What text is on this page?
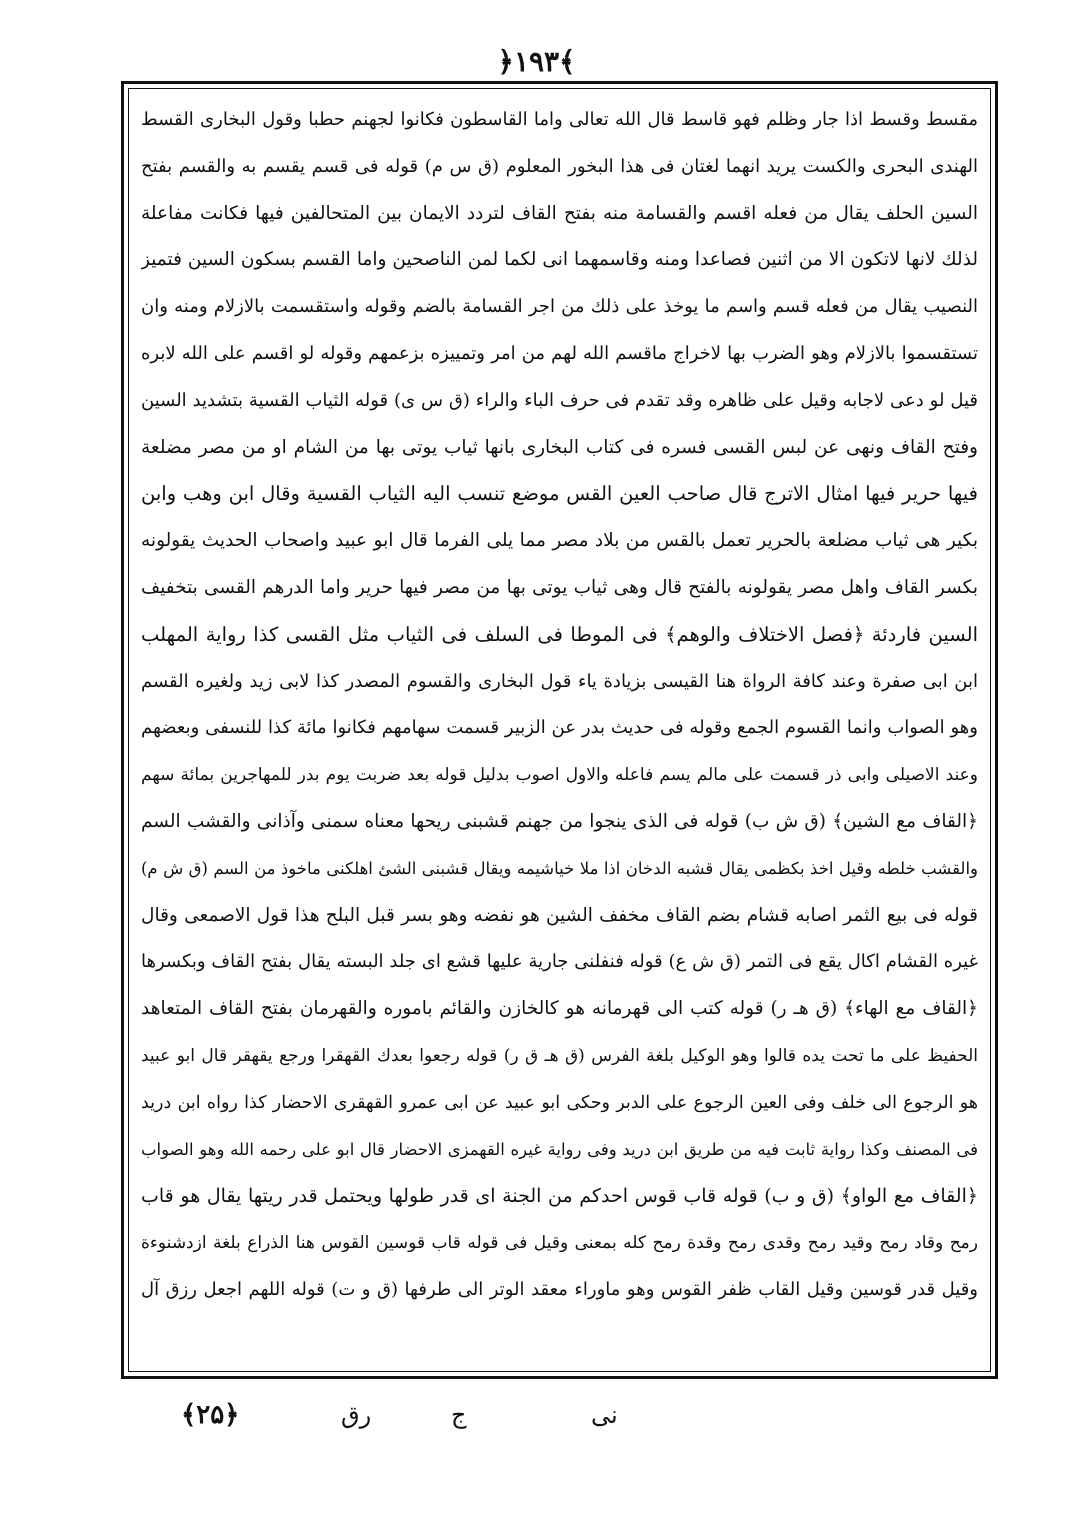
﴿۱۹۳﴾
مقسط وقسط اذا جار وظلم فهو قاسط قال الله تعالى واما القاسطون فكانوا لجهنم حطبا وقول البخارى القسط
الهندى البحرى والكست يريد انهما لغتان فى هذا البخور المعلوم (ق س م) قوله فى قسم يقسم به والقسم بفتح
السين الحلف يقال من فعله اقسم والقسامة منه بفتح القاف لتردد الايمان بين المتحالفين فيها فكانت مفاعلة
لذلك لانها لاتكون الا من اثنين فصاعدا ومنه وقاسمهما انى لكما لمن الناصحين واما القسم بسكون السين فتميز
النصيب يقال من فعله قسم واسم ما يوخذ على ذلك من اجر القسامة بالضم وقوله واستقسمت بالازلام ومنه وان
تستقسموا بالازلام وهو الضرب بها لاخراج ماقسم الله لهم من امر وتمييزه بزعمهم وقوله لو اقسم على الله لابره
قيل لو دعى لاجابه وقيل على ظاهره وقد تقدم فى حرف الباء والراء (ق س ى) قوله الثياب القسية بتشديد السين
وفتح القاف ونهى عن لبس القسى فسره فى كتاب البخارى بانها ثياب يوتى بها من الشام او من مصر مضلعة
فيها حرير فيها امثال الاترج قال صاحب العين القس موضع تنسب اليه الثياب القسية وقال ابن وهب وابن
بكير هى ثياب مضلعة بالحرير تعمل بالقس من بلاد مصر مما يلى الفرما قال ابو عبيد واصحاب الحديث يقولونه
بكسر القاف واهل مصر يقولونه بالفتح قال وهى ثياب يوتى بها من مصر فيها حرير واما الدرهم القسى بتخفيف
السين فاردئة ﴿فصل الاختلاف والوهم﴾ فى الموطا فى السلف فى الثياب مثل القسى كذا رواية المهلب
ابن ابى صفرة وعند كافة الرواة هنا القيسى بزيادة ياء قول البخارى والقسوم المصدر كذا لابى زيد ولغيره القسم
وهو الصواب وانما القسوم الجمع وقوله فى حديث بدر عن الزبير قسمت سهامهم فكانوا مائة كذا للنسفى وبعضهم
وعند الاصيلى وابى ذر قسمت على مالم يسم فاعله والاول اصوب بدليل قوله بعد ضربت يوم بدر للمهاجرين بمائة سهم
﴿القاف مع الشين﴾ (ق ش ب) قوله فى الذى ينجوا من جهنم قشبنى ريحها معناه سمنى وآذانى والقشب السم
والقشب خلطه وقيل اخذ بكظمى يقال قشبه الدخان اذا ملا خياشيمه ويقال قشبنى الشئ اهلكنى ماخوذ من السم (ق ش م)
قوله فى بيع الثمر اصابه قشام بضم القاف مخفف الشين هو نفضه وهو بسر قبل البلح هذا قول الاصمعى وقال
غيره القشام اكال يقع فى التمر (ق ش ع) قوله فنفلنى جارية عليها قشع اى جلد البسته يقال بفتح القاف وبكسرها
﴿القاف مع الهاء﴾ (ق هـ ر) قوله كتب الى قهرمانه هو كالخازن والقائم باموره والقهرمان بفتح القاف المتعاهد
الحفيظ على ما تحت يده قالوا وهو الوكيل بلغة الفرس (ق هـ ق ر) قوله رجعوا بعدك القهقرا ورجع يقهقر قال ابو عبيد
هو الرجوع الى خلف وفى العين الرجوع على الدبر وحكى ابو عبيد عن ابى عمرو القهقرى الاحضار كذا رواه ابن دريد
فى المصنف وكذا رواية ثابت فيه من طريق ابن دريد وفى رواية غيره القهمزى الاحضار قال ابو على رحمه الله وهو الصواب
﴿القاف مع الواو﴾ (ق و ب) قوله قاب قوس احدكم من الجنة اى قدر طولها ويحتمل قدر ريتها يقال هو قاب
رمح وقاد رمح وقيد رمح وقدى رمح وقدة رمح كله بمعنى وقيل فى قوله قاب قوسين القوس هنا الذراع بلغة ازدشنوءة
وقيل قدر قوسين وقيل القاب ظفر القوس وهو ماوراء معقد الوتر الى طرفها (ق و ت) قوله اللهم اجعل رزق آل
﴿۲۵﴾	ج	نی
رق
